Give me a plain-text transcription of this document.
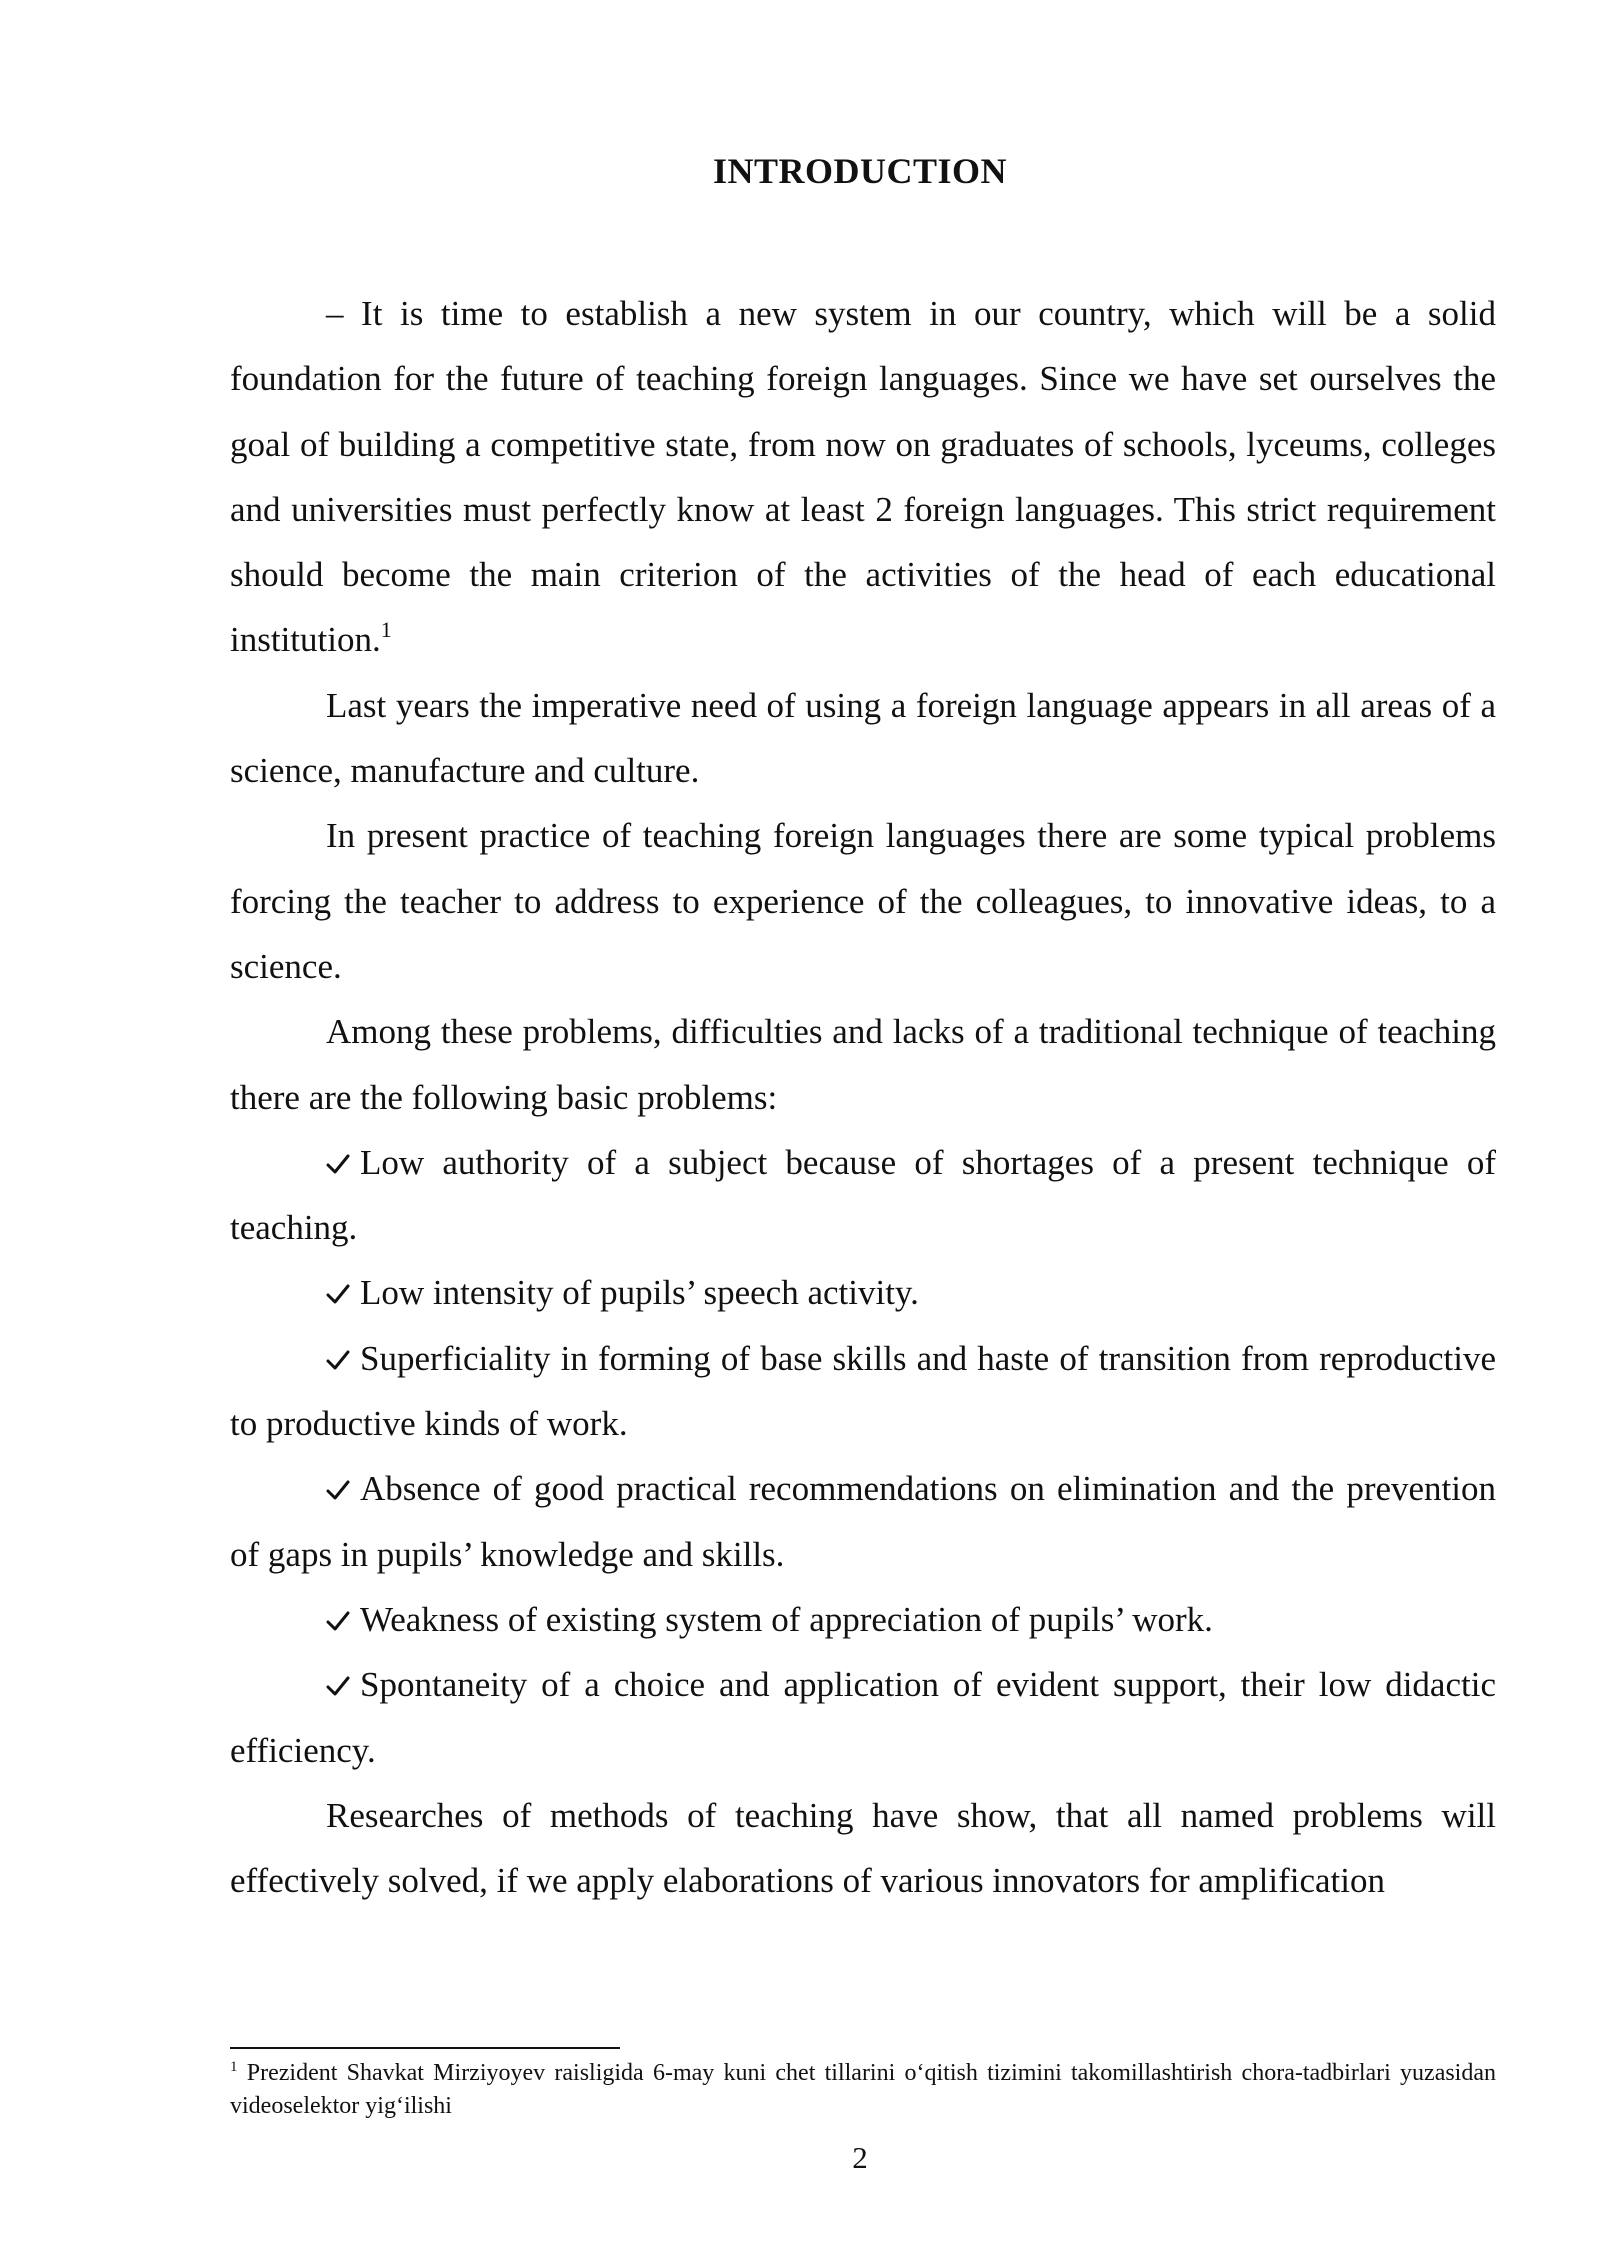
INTRODUCTION

– It is time to establish a new system in our country, which will be a solid foundation for the future of teaching foreign languages. Since we have set ourselves the goal of building a competitive state, from now on graduates of schools, lyceums, colleges and universities must perfectly know at least 2 foreign languages. This strict requirement should become the main criterion of the activities of the head of each educational institution.$^1$

Last years the imperative need of using a foreign language appears in all areas of a science, manufacture and culture.

In present practice of teaching foreign languages there are some typical problems forcing the teacher to address to experience of the colleagues, to innovative ideas, to a science.

Among these problems, difficulties and lacks of a traditional technique of teaching there are the following basic problems:

Low authority of a subject because of shortages of a present technique of teaching.

Low intensity of pupils’ speech activity.

Superficiality in forming of base skills and haste of transition from reproductive to productive kinds of work.

Absence of good practical recommendations on elimination and the prevention of gaps in pupils’ knowledge and skills.

Weakness of existing system of appreciation of pupils’ work.

Spontaneity of a choice and application of evident support, their low didactic efficiency.

Researches of methods of teaching have show, that all named problems will effectively solved, if we apply elaborations of various innovators for amplification

$^1$ Prezident Shavkat Mirziyoyev raisligida 6-may kuni chet tillarini o‘qitish tizimini takomillashtirish chora-tadbirlari yuzasidan videoselektor yig‘ilishi
2
